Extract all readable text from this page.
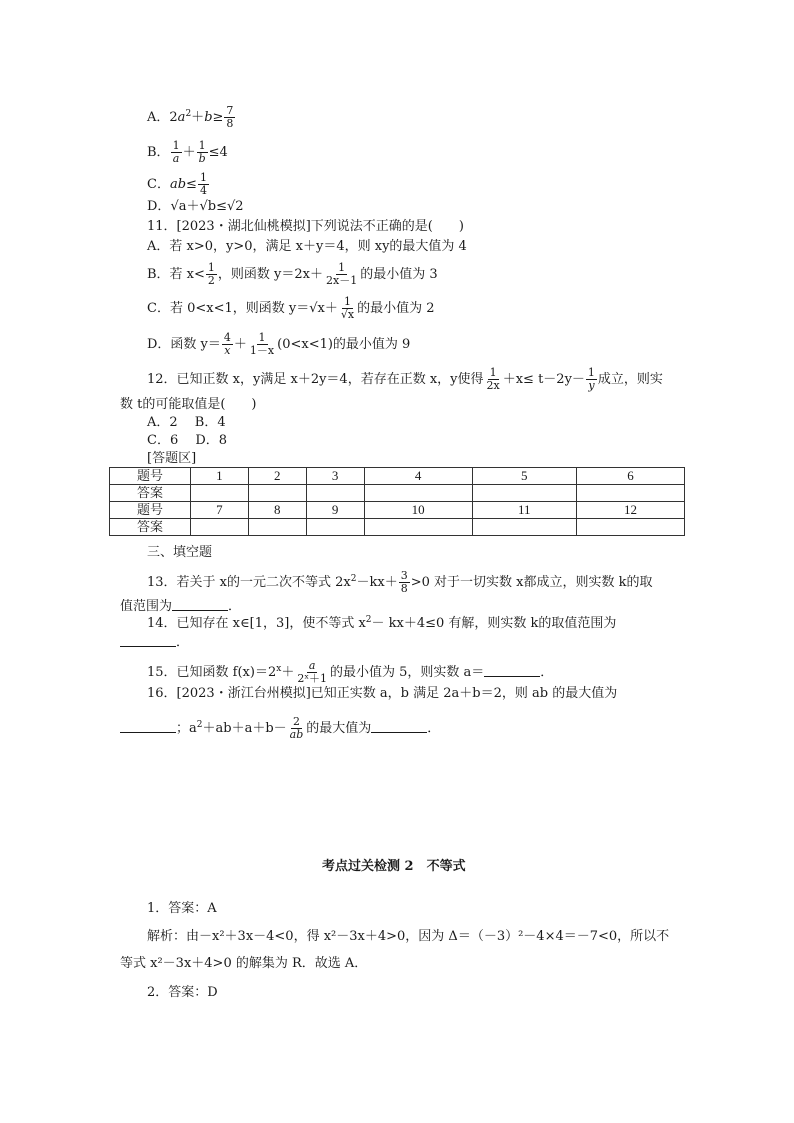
A．$2a^2+b\ge \frac{7}{8}$
B． $\frac{1}{a} + \frac{1}{b} \le 4$
C．$ab\le \frac{1}{4}$
D．√a＋√b≤√2
11．[2023・湖北仙桃模拟]下列说法不正确的是(　　)
A．若 x>0，y>0，满足 x＋y＝4，则 xy的最大值为 4
B．若 $x< \frac{1}{2}$ ，则函数 $y=2x+ \frac{1}{2x-1}$ 的最小值为 3
C．若 0<x<1，则函数 $y=√x+ \frac{1}{√x}$ 的最小值为 2
D．函数 $y= \frac{4}{x} + \frac{1}{1-x} (0<x<1)$的最小值为 9
12．已知正数 x，y满足 x＋2y＝4，若存在正数 x，y使得 $\frac{1}{2x} +x\le t-2y- \frac{1}{y}$ 成立，则实
数 t的可能取值是(　　)
A．2　 B．4
C．6　 D．8
[答题区]
题号	1	2	3	4	5	6
答案						
题号	7	8	9	10	11	12
答案						
三、填空题
13．若关于 x的一元二次不等式 $2x^2-kx+ \frac{3}{8} >0$ 对于一切实数 x都成立，则实数 k的取
值范围为	．
14．已知存在 x∈[1，3]，使不等式 $x^2- kx+4\le 0$ 有解，则实数 k的取值范围为
．
15．已知函数 $f(x)=2^x+ \frac{a}{\text{2ˣ＋1}}$ 的最小值为 5，则实数 a＝	．
16．[2023・浙江台州模拟]已知正实数 a，b 满足 2a＋b＝2，则 ab 的最大值为
；$a^2+ab+a+b- \frac{2}{ab}$ 的最大值为	．
考点过关检测 2　不等式
1．答案：A
解析：由－x²＋3x－4<0，得 x²－3x＋4>0，因为 Δ＝（－3）²－4×4＝－7<0，所以不
等式 x²－3x＋4>0 的解集为 R．故选 A．
2．答案：D
